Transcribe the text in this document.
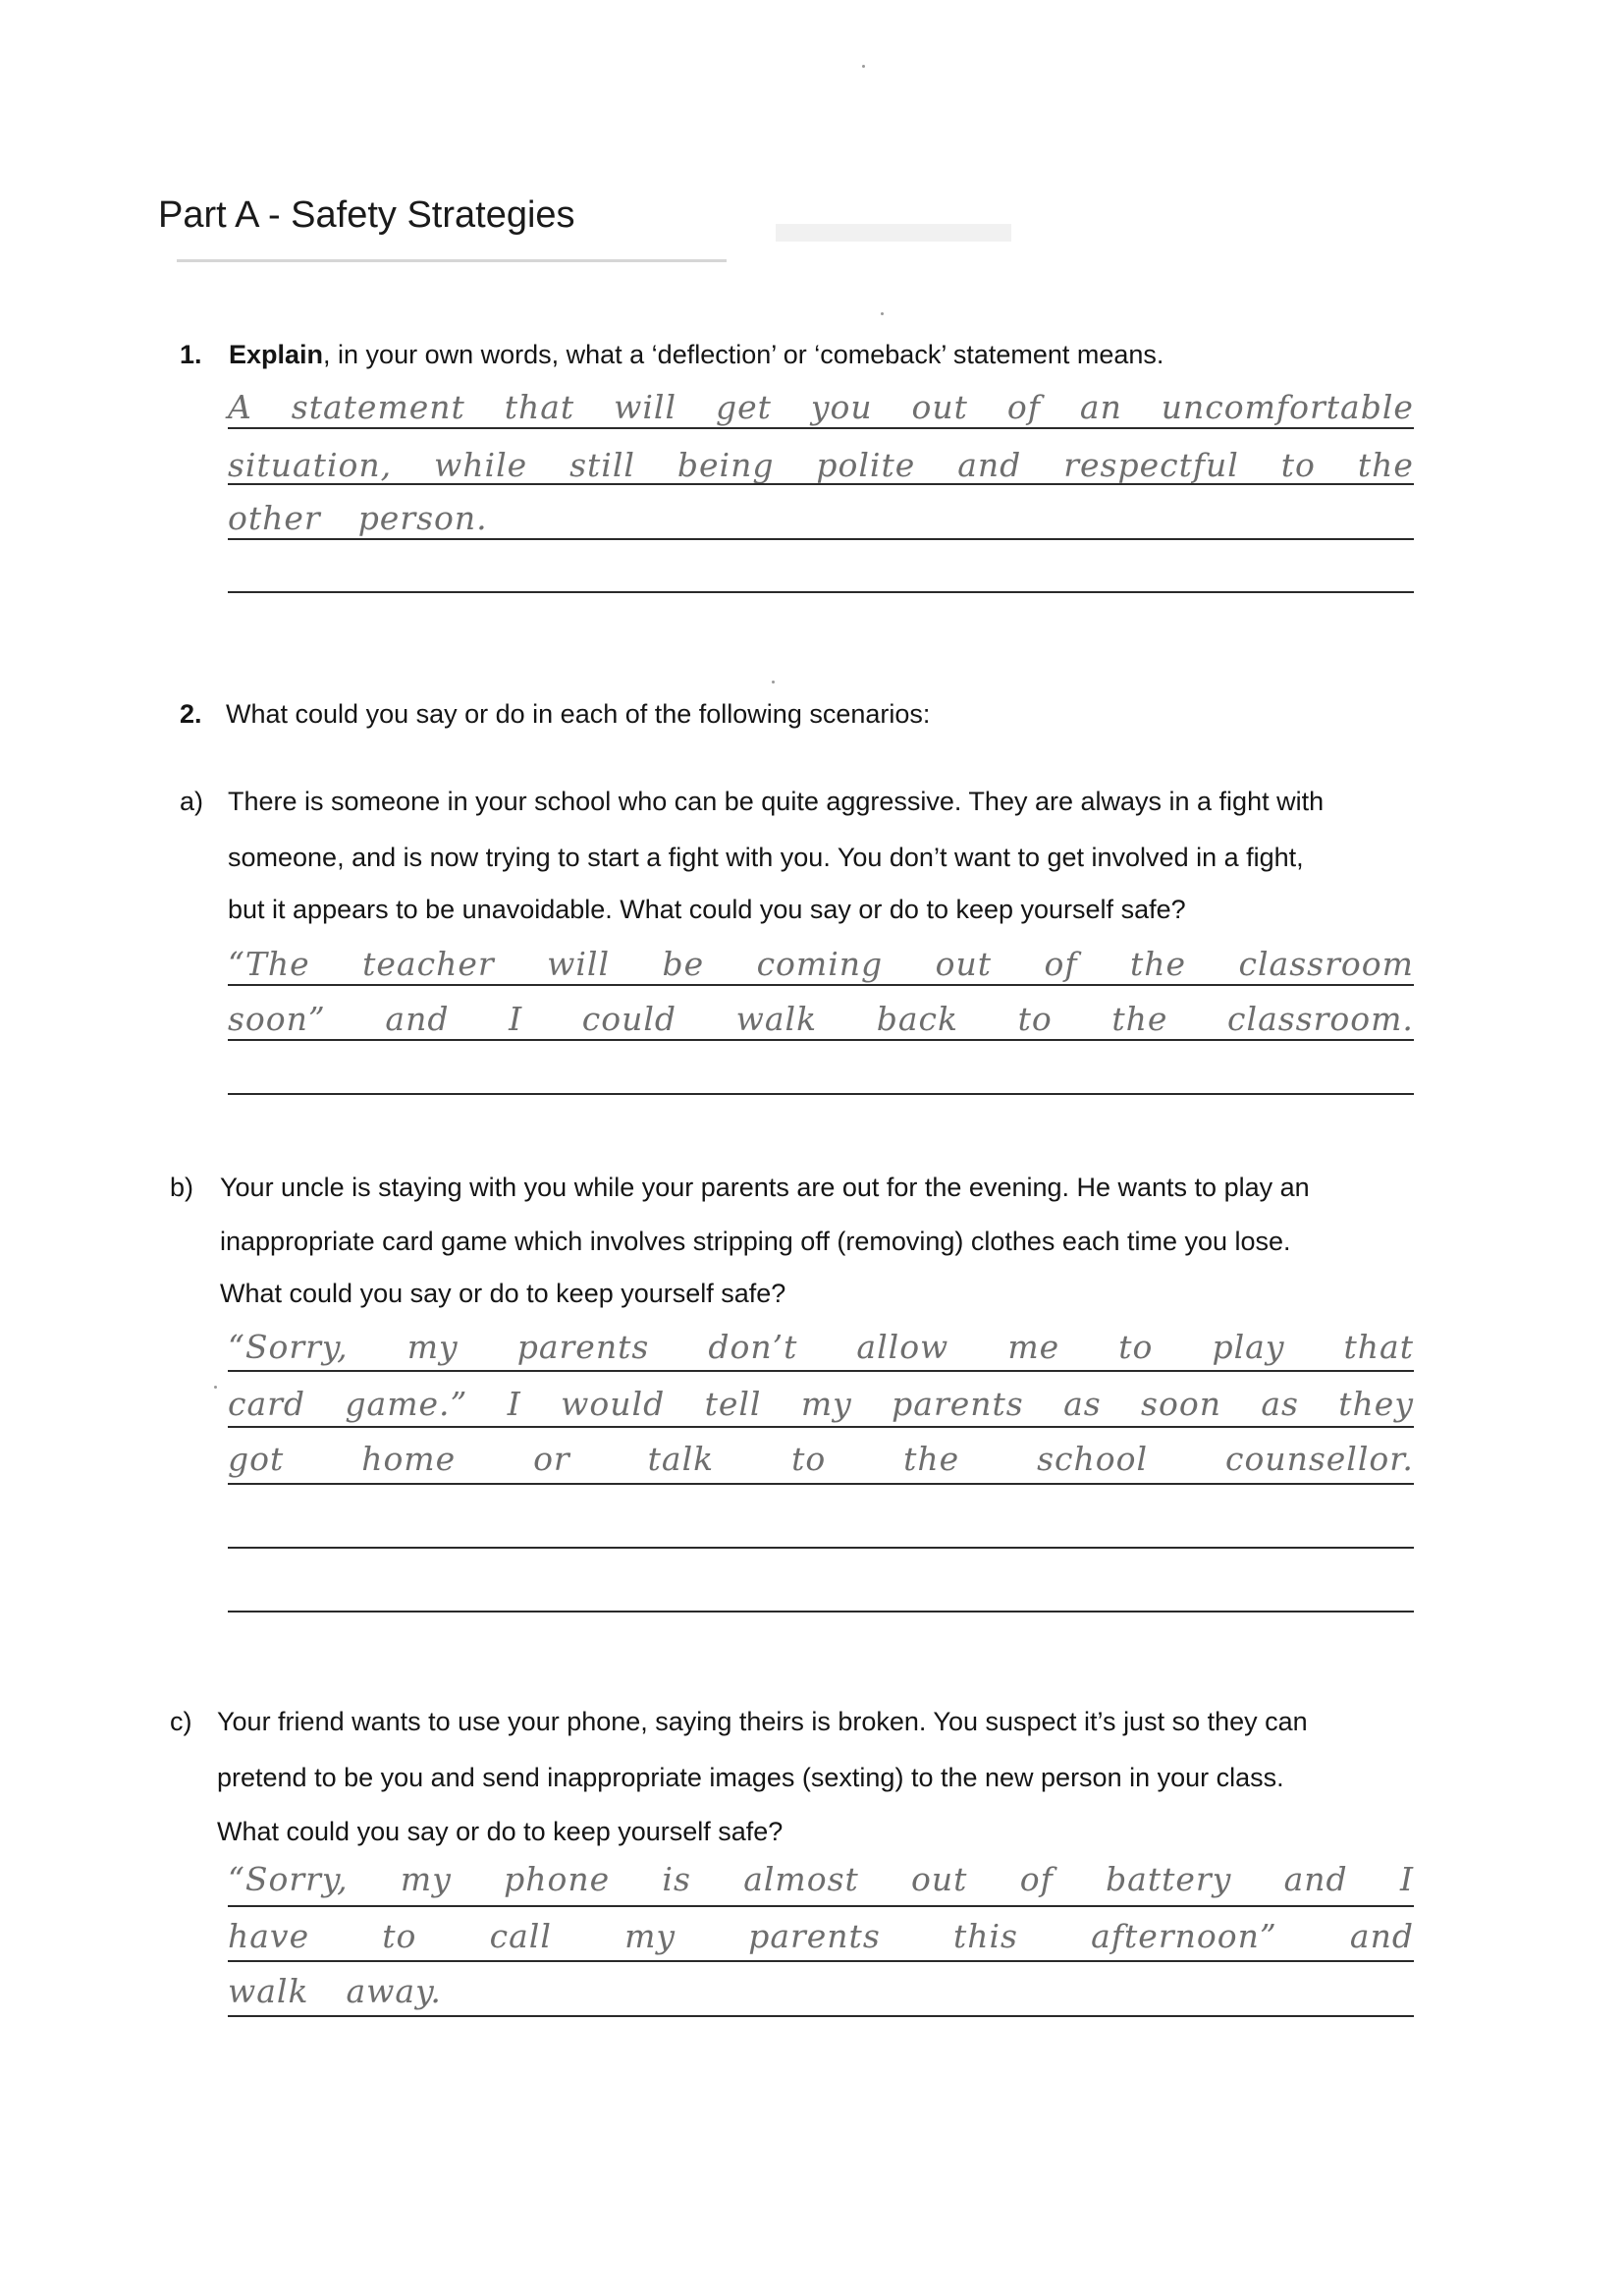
Part A - Safety Strategies
1. Explain, in your own words, what a ‘deflection’ or ‘comeback’ statement means.
A statement that will get you out of an uncomfortable
situation, while still being polite and respectful to the
other person.
2. What could you say or do in each of the following scenarios:
a) There is someone in your school who can be quite aggressive. They are always in a fight with
someone, and is now trying to start a fight with you. You don’t want to get involved in a fight,
but it appears to be unavoidable. What could you say or do to keep yourself safe?
“The teacher will be coming out of the classroom
soon” and I could walk back to the classroom.
b) Your uncle is staying with you while your parents are out for the evening. He wants to play an
inappropriate card game which involves stripping off (removing) clothes each time you lose.
What could you say or do to keep yourself safe?
“Sorry, my parents don’t allow me to play that
card game.” I would tell my parents as soon as they
got home or talk to the school counsellor.
c) Your friend wants to use your phone, saying theirs is broken. You suspect it’s just so they can
pretend to be you and send inappropriate images (sexting) to the new person in your class.
What could you say or do to keep yourself safe?
“Sorry, my phone is almost out of battery and I
have to call my parents this afternoon” and
walk away.
